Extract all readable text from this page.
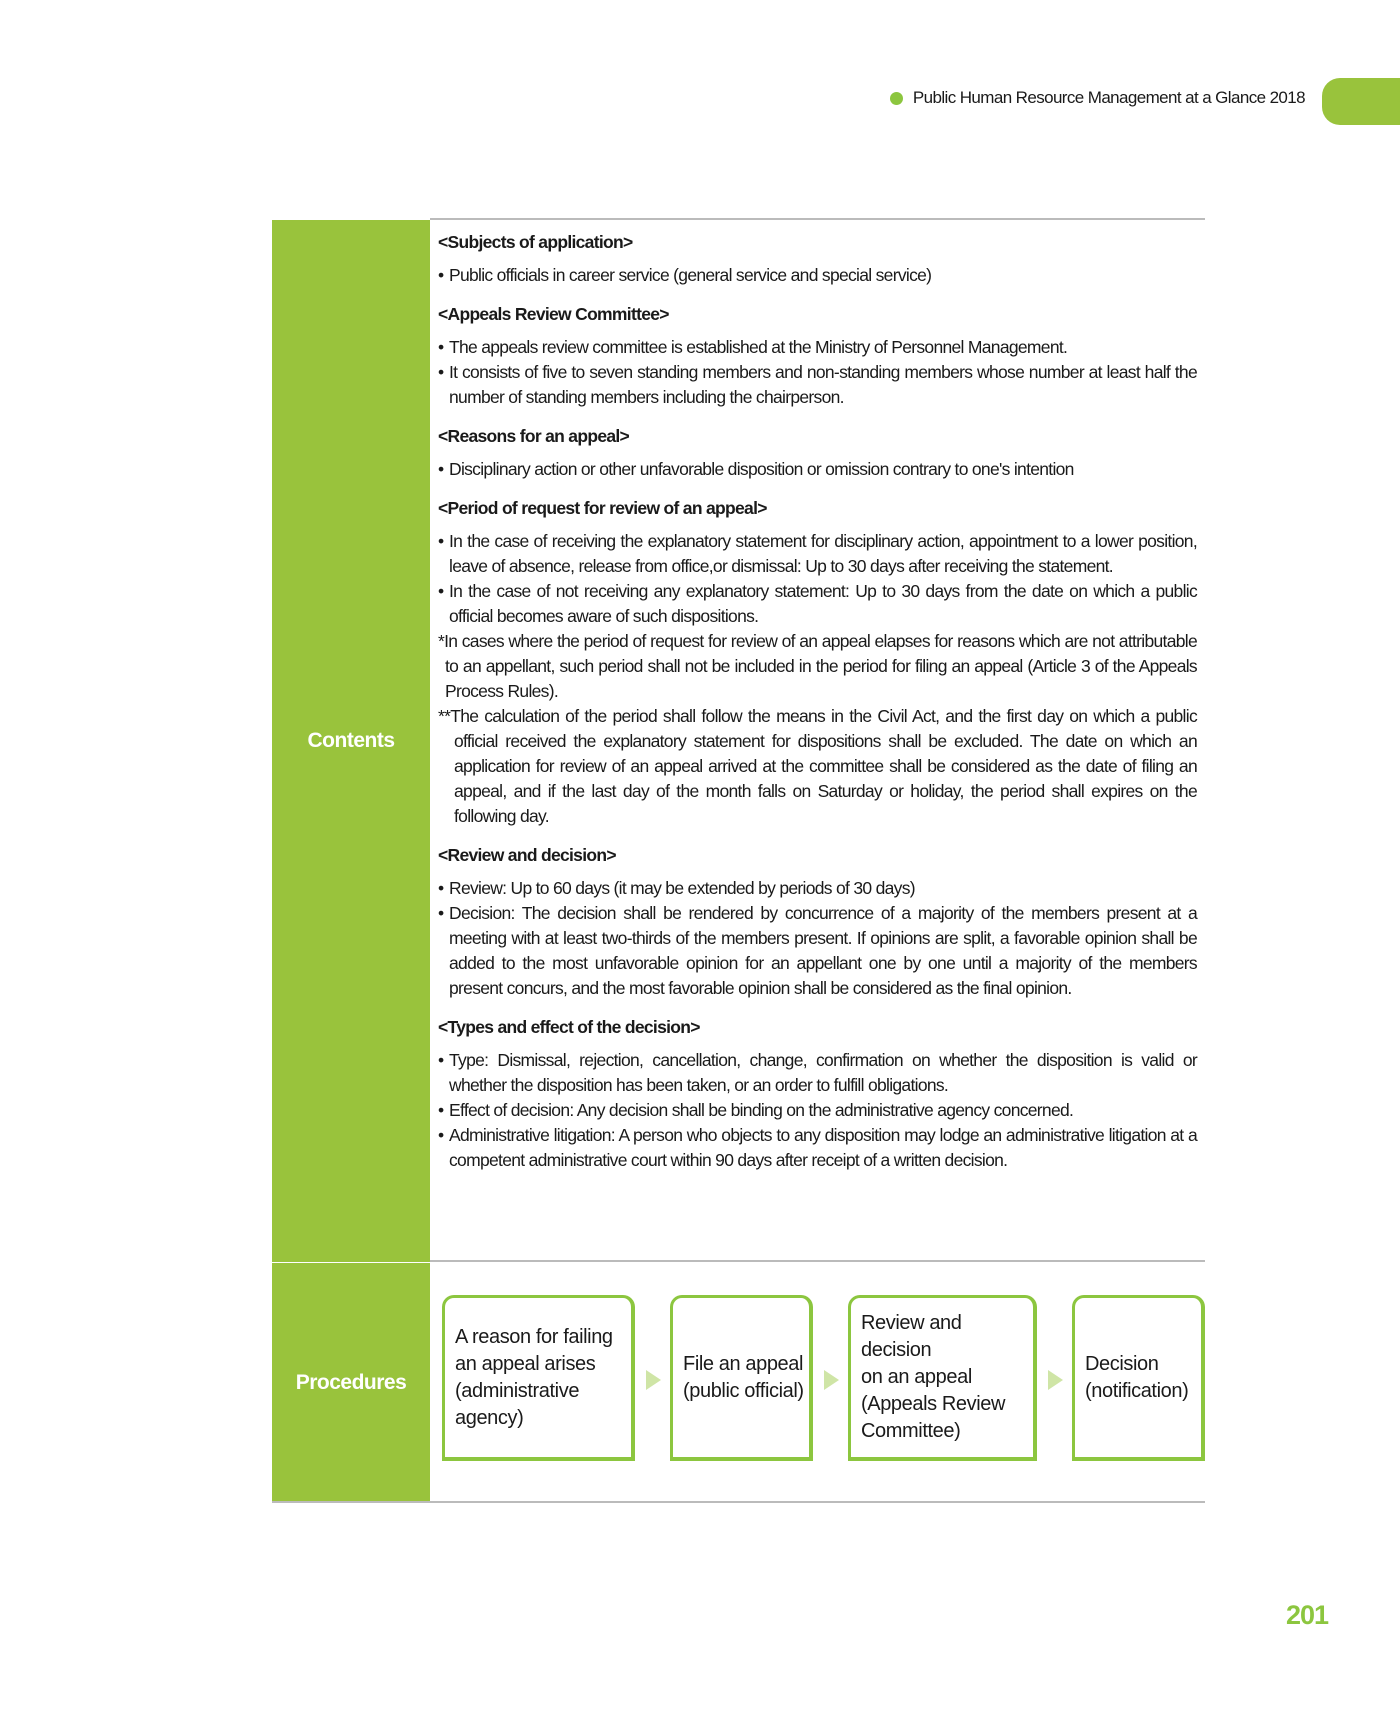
Public Human Resource Management at a Glance 2018
Contents
<Subjects of application>
• Public officials in career service (general service and special service)
<Appeals Review Committee>
• The appeals review committee is established at the Ministry of Personnel Management.
• It consists of five to seven standing members and non-standing members whose number at least half the number of standing members including the chairperson.
<Reasons for an appeal>
• Disciplinary action or other unfavorable disposition or omission contrary to one's intention
<Period of request for review of an appeal>
• In the case of receiving the explanatory statement for disciplinary action, appointment to a lower position, leave of absence, release from office,or dismissal: Up to 30 days after receiving the statement.
• In the case of not receiving any explanatory statement: Up to 30 days from the date on which a public official becomes aware of such dispositions.
*In cases where the period of request for review of an appeal elapses for reasons which are not attributable to an appellant, such period shall not be included in the period for filing an appeal (Article 3 of the Appeals Process Rules).
**The calculation of the period shall follow the means in the Civil Act, and the first day on which a public official received the explanatory statement for dispositions shall be excluded. The date on which an application for review of an appeal arrived at the committee shall be considered as the date of filing an appeal, and if the last day of the month falls on Saturday or holiday, the period shall expires on the following day.
<Review and decision>
• Review: Up to 60 days (it may be extended by periods of 30 days)
• Decision: The decision shall be rendered by concurrence of a majority of the members present at a meeting with at least two-thirds of the members present. If opinions are split, a favorable opinion shall be added to the most unfavorable opinion for an appellant one by one until a majority of the members present concurs, and the most favorable opinion shall be considered as the final opinion.
<Types and effect of the decision>
• Type: Dismissal, rejection, cancellation, change, confirmation on whether the disposition is valid or whether the disposition has been taken, or an order to fulfill obligations.
• Effect of decision: Any decision shall be binding on the administrative agency concerned.
• Administrative litigation: A person who objects to any disposition may lodge an administrative litigation at a competent administrative court within 90 days after receipt of a written decision.
Procedures
A reason for failing
an appeal arises
(administrative
agency)
File an appeal
(public official)
Review and decision
on an appeal
(Appeals Review
Committee)
Decision
(notification)
201
